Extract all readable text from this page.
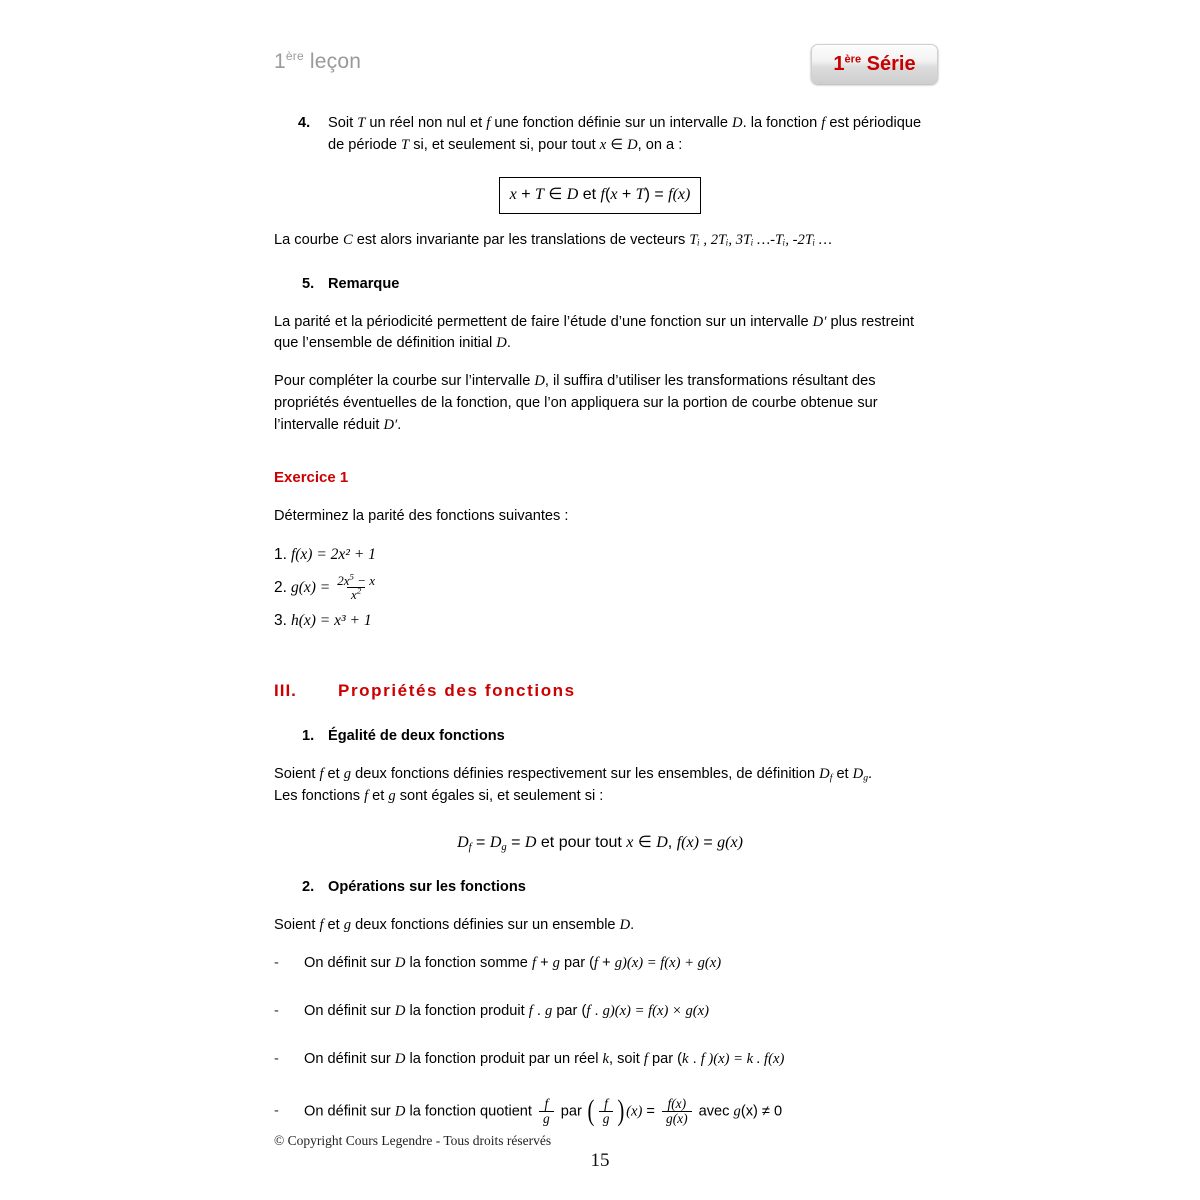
1ère leçon	1ère Série
4.	Soit T un réel non nul et f une fonction définie sur un intervalle D. la fonction f est périodique de période T si, et seulement si, pour tout x ∈ D, on a :
x + T ∈ D et f(x + T) = f(x)

La courbe C est alors invariante par les translations de vecteurs Tᵢ , 2Tᵢ, 3Tᵢ …-Tᵢ, -2Tᵢ …

5. Remarque

La parité et la périodicité permettent de faire l’étude d’une fonction sur un intervalle D′ plus restreint que l’ensemble de définition initial D.

Pour compléter la courbe sur l’intervalle D, il suffira d’utiliser les transformations résultant des propriétés éventuelles de la fonction, que l’on appliquera sur la portion de courbe obtenue sur l’intervalle réduit D′.

Exercice 1

Déterminez la parité des fonctions suivantes :

1. f (x) = 2x² + 1
2. g $(x) = \frac{2x^5 - x}{x^2}$
3. h (x) = x³ + 1
III.	Propriétés des fonctions
1. Égalité de deux fonctions

Soient f et g deux fonctions définies respectivement sur les ensembles, de définition $D_f$ et $D_g$.
Les fonctions f et g sont égales si, et seulement si :

$D_f = D_g = D$ et pour tout x ∈ D, f(x) = g(x)
2. Opérations sur les fonctions

Soient f et g deux fonctions définies sur un ensemble D.

-	On définit sur D la fonction somme f + g par (f + g)(x) = f(x) + g(x)
-	On définit sur D la fonction produit f . g par (f . g)(x) = f(x) × g(x)
-	On définit sur D la fonction produit par un réel k, soit f par (k . f )(x) = k . f(x)
-	On définit sur D la fonction quotient $\frac{f}{g}$ par ( $\frac{f}{g} )(x) = \frac{f(x)}{g(x)}$ avec g(x) ≠ 0
© Copyright Cours Legendre - Tous droits réservés
15
